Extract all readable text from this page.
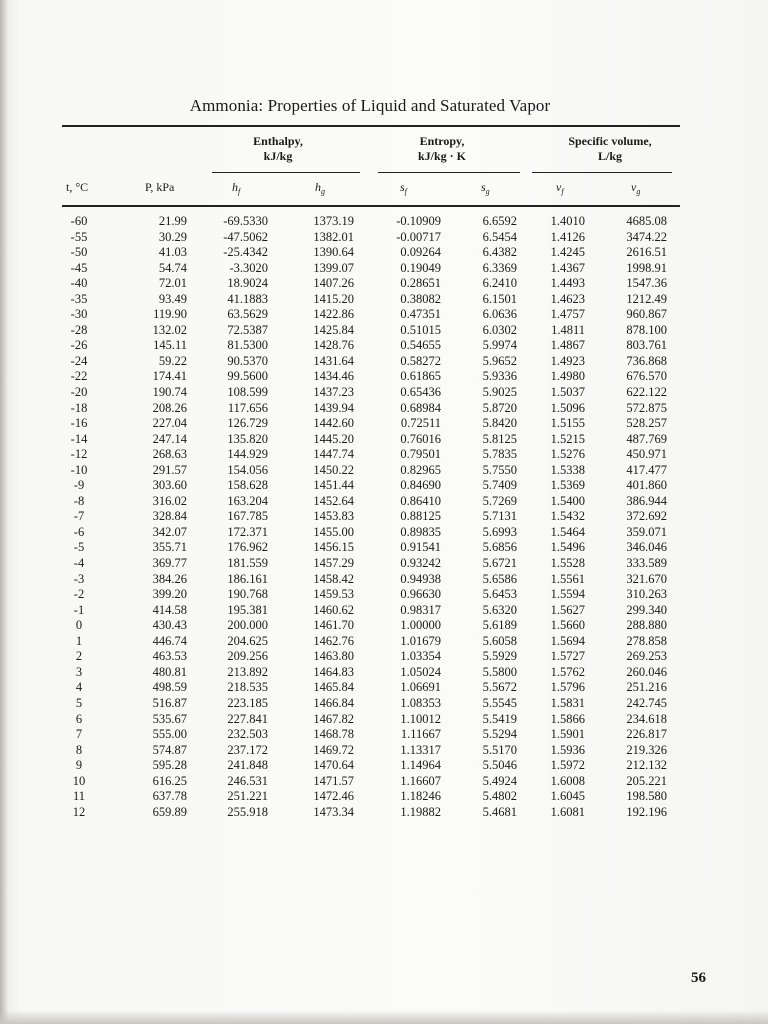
Ammonia: Properties of Liquid and Saturated Vapor
Enthalpy,
kJ/kg
Entropy,
kJ/kg · K
Specific volume,
L/kg
t, °C	P, kPa	$h_f$	$h_g$	$s_f$	$s_g$	$v_f$	$v_g$
-60	21.99	-69.5330	1373.19	-0.10909	6.6592	1.4010	4685.08
-55	30.29	-47.5062	1382.01	-0.00717	6.5454	1.4126	3474.22
-50	41.03	-25.4342	1390.64	0.09264	6.4382	1.4245	2616.51
-45	54.74	-3.3020	1399.07	0.19049	6.3369	1.4367	1998.91
-40	72.01	18.9024	1407.26	0.28651	6.2410	1.4493	1547.36
-35	93.49	41.1883	1415.20	0.38082	6.1501	1.4623	1212.49
-30	119.90	63.5629	1422.86	0.47351	6.0636	1.4757	960.867
-28	132.02	72.5387	1425.84	0.51015	6.0302	1.4811	878.100
-26	145.11	81.5300	1428.76	0.54655	5.9974	1.4867	803.761
-24	59.22	90.5370	1431.64	0.58272	5.9652	1.4923	736.868
-22	174.41	99.5600	1434.46	0.61865	5.9336	1.4980	676.570
-20	190.74	108.599	1437.23	0.65436	5.9025	1.5037	622.122
-18	208.26	117.656	1439.94	0.68984	5.8720	1.5096	572.875
-16	227.04	126.729	1442.60	0.72511	5.8420	1.5155	528.257
-14	247.14	135.820	1445.20	0.76016	5.8125	1.5215	487.769
-12	268.63	144.929	1447.74	0.79501	5.7835	1.5276	450.971
-10	291.57	154.056	1450.22	0.82965	5.7550	1.5338	417.477
-9	303.60	158.628	1451.44	0.84690	5.7409	1.5369	401.860
-8	316.02	163.204	1452.64	0.86410	5.7269	1.5400	386.944
-7	328.84	167.785	1453.83	0.88125	5.7131	1.5432	372.692
-6	342.07	172.371	1455.00	0.89835	5.6993	1.5464	359.071
-5	355.71	176.962	1456.15	0.91541	5.6856	1.5496	346.046
-4	369.77	181.559	1457.29	0.93242	5.6721	1.5528	333.589
-3	384.26	186.161	1458.42	0.94938	5.6586	1.5561	321.670
-2	399.20	190.768	1459.53	0.96630	5.6453	1.5594	310.263
-1	414.58	195.381	1460.62	0.98317	5.6320	1.5627	299.340
0	430.43	200.000	1461.70	1.00000	5.6189	1.5660	288.880
1	446.74	204.625	1462.76	1.01679	5.6058	1.5694	278.858
2	463.53	209.256	1463.80	1.03354	5.5929	1.5727	269.253
3	480.81	213.892	1464.83	1.05024	5.5800	1.5762	260.046
4	498.59	218.535	1465.84	1.06691	5.5672	1.5796	251.216
5	516.87	223.185	1466.84	1.08353	5.5545	1.5831	242.745
6	535.67	227.841	1467.82	1.10012	5.5419	1.5866	234.618
7	555.00	232.503	1468.78	1.11667	5.5294	1.5901	226.817
8	574.87	237.172	1469.72	1.13317	5.5170	1.5936	219.326
9	595.28	241.848	1470.64	1.14964	5.5046	1.5972	212.132
10	616.25	246.531	1471.57	1.16607	5.4924	1.6008	205.221
11	637.78	251.221	1472.46	1.18246	5.4802	1.6045	198.580
12	659.89	255.918	1473.34	1.19882	5.4681	1.6081	192.196
56
